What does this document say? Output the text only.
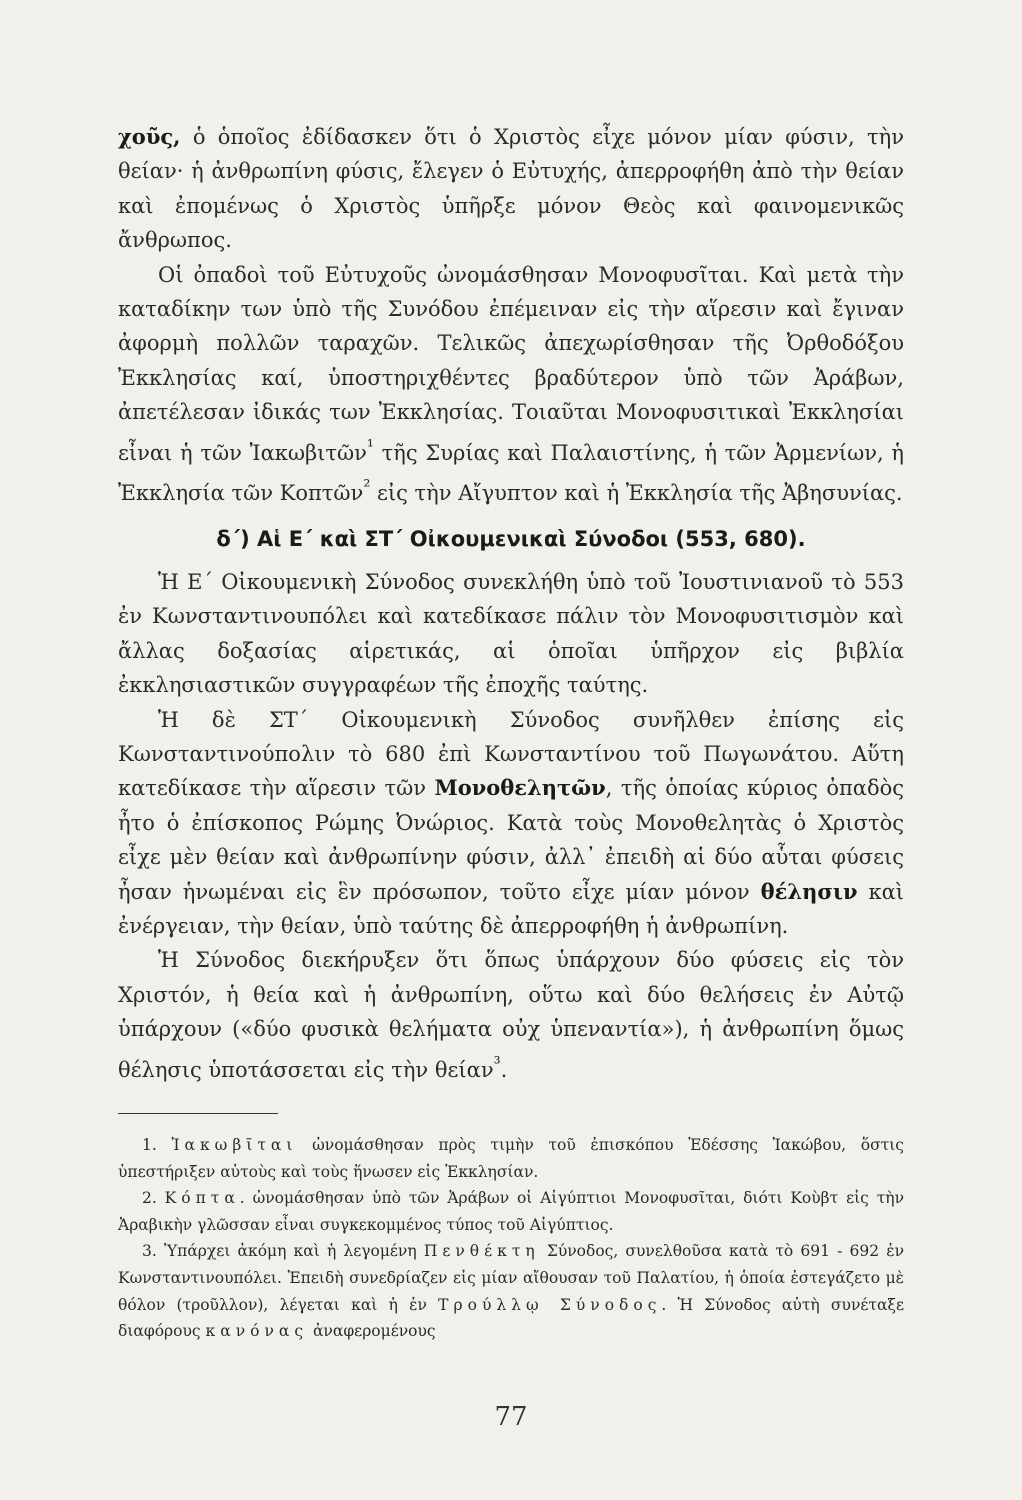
χοῦς, ὁ ὁποῖος ἐδίδασκεν ὅτι ὁ Χριστὸς εἶχε μόνον μίαν φύσιν, τὴν θείαν· ἡ ἀνθρωπίνη φύσις, ἔλεγεν ὁ Εὐτυχής, ἀπερροφήθη ἀπὸ τὴν θείαν καὶ ἐπομένως ὁ Χριστὸς ὑπῆρξε μόνον Θεὸς καὶ φαινομενικῶς ἄνθρωπος.

Οἱ ὀπαδοὶ τοῦ Εὐτυχοῦς ὠνομάσθησαν Μονοφυσῖται. Καὶ μετὰ τὴν καταδίκην των ὑπὸ τῆς Συνόδου ἐπέμειναν εἰς τὴν αἵρεσιν καὶ ἔγιναν ἀφορμὴ πολλῶν ταραχῶν. Τελικῶς ἀπεχωρίσθησαν τῆς Ὀρθοδόξου Ἐκκλησίας καί, ὑποστηριχθέντες βραδύτερον ὑπὸ τῶν Ἀράβων, ἀπετέλεσαν ἰδικάς των Ἐκκλησίας. Τοιαῦται Μονοφυσιτικαὶ Ἐκκλησίαι εἶναι ἡ τῶν Ἰακωβιτῶν$^{^1}$ τῆς Συρίας καὶ Παλαιστίνης, ἡ τῶν Ἀρμενίων, ἡ Ἐκκλησία τῶν Κοπτῶν$^{^2}$ εἰς τὴν Αἴγυπτον καὶ ἡ Ἐκκλησία τῆς Ἀβησυνίας.

δ΄) Αἱ Ε΄ καὶ ΣΤ΄ Οἰκουμενικαὶ Σύνοδοι (553, 680).

Ἡ Ε΄ Οἰκουμενικὴ Σύνοδος συνεκλήθη ὑπὸ τοῦ Ἰουστινιανοῦ τὸ 553 ἐν Κωνσταντινουπόλει καὶ κατεδίκασε πάλιν τὸν Μονοφυσιτισμὸν καὶ ἄλλας δοξασίας αἱρετικάς, αἱ ὁποῖαι ὑπῆρχον εἰς βιβλία ἐκκλησιαστικῶν συγγραφέων τῆς ἐποχῆς ταύτης.

Ἡ δὲ ΣΤ΄ Οἰκουμενικὴ Σύνοδος συνῆλθεν ἐπίσης εἰς Κωνσταντινούπολιν τὸ 680 ἐπὶ Κωνσταντίνου τοῦ Πωγωνάτου. Αὕτη κατεδίκασε τὴν αἵρεσιν τῶν Μονοθελητῶν, τῆς ὁποίας κύριος ὀπαδὸς ἦτο ὁ ἐπίσκοπος Ρώμης Ὀνώριος. Κατὰ τοὺς Μονοθελητὰς ὁ Χριστὸς εἶχε μὲν θείαν καὶ ἀνθρωπίνην φύσιν, ἀλλ᾽ ἐπειδὴ αἱ δύο αὗται φύσεις ἦσαν ἡνωμέναι εἰς ἓν πρόσωπον, τοῦτο εἶχε μίαν μόνον θέλησιν καὶ ἐνέργειαν, τὴν θείαν, ὑπὸ ταύτης δὲ ἀπερροφήθη ἡ ἀνθρωπίνη.

Ἡ Σύνοδος διεκήρυξεν ὅτι ὅπως ὑπάρχουν δύο φύσεις εἰς τὸν Χριστόν, ἡ θεία καὶ ἡ ἀνθρωπίνη, οὕτω καὶ δύο θελήσεις ἐν Αὐτῷ ὑπάρχουν («δύο φυσικὰ θελήματα οὐχ ὑπεναντία»), ἡ ἀνθρωπίνη ὅμως θέλησις ὑποτάσσεται εἰς τὴν θείαν$^{^3}$.

1. Ἰακωβῖται ὠνομάσθησαν πρὸς τιμὴν τοῦ ἐπισκόπου Ἐδέσσης Ἰακώβου, ὅστις ὑπεστήριξεν αὐτοὺς καὶ τοὺς ἥνωσεν εἰς Ἐκκλησίαν.

2. Κόπτα. ὠνομάσθησαν ὑπὸ τῶν Ἀράβων οἱ Αἰγύπτιοι Μονοφυσῖται, διότι Κοὺβτ εἰς τὴν Ἀραβικὴν γλῶσσαν εἶναι συγκεκομμένος τύπος τοῦ Αἰγύπτιος.

3. Ὑπάρχει ἀκόμη καὶ ἡ λεγομένη Πενθέκτη Σύνοδος, συνελθοῦσα κατὰ τὸ 691 - 692 ἐν Κωνσταντινουπόλει. Ἐπειδὴ συνεδρίαζεν εἰς μίαν αἴθουσαν τοῦ Παλατίου, ἡ ὁποία ἐστεγάζετο μὲ θόλον (τροῦλλον), λέγεται καὶ ἡ ἐν Τρούλλῳ Σύνοδος. Ἡ Σύνοδος αὐτὴ συνέταξε διαφόρους κανόνας ἀναφερομένους

77
